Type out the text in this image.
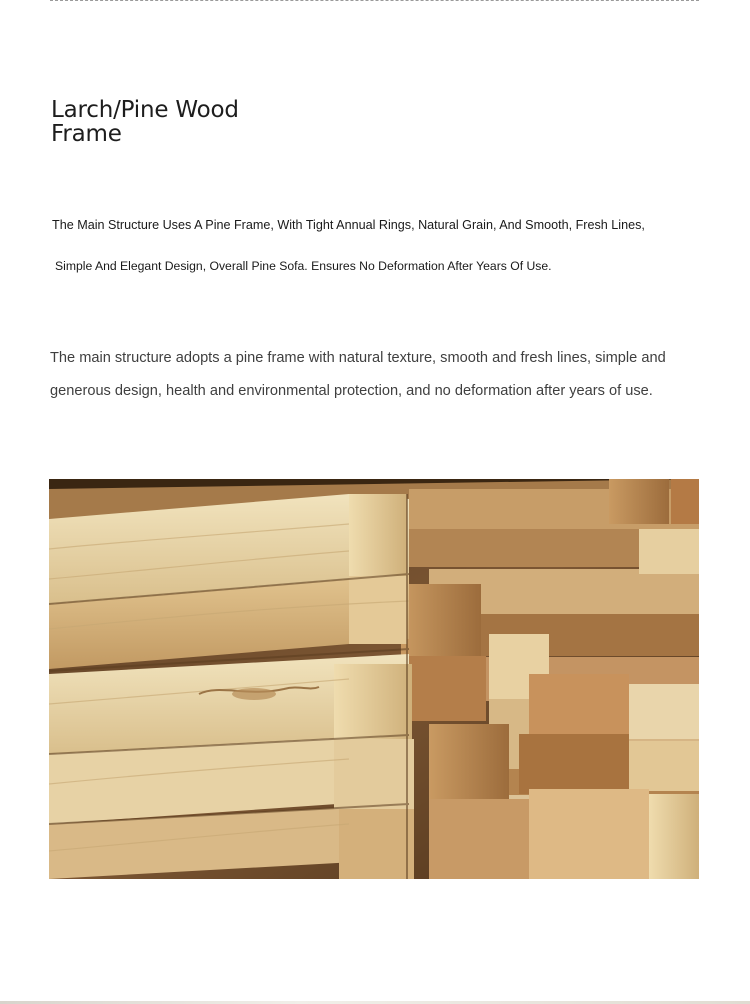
Larch/Pine Wood Frame

The Main Structure Uses A Pine Frame, With Tight Annual Rings, Natural Grain, And Smooth, Fresh Lines,

Simple And Elegant Design, Overall Pine Sofa. Ensures No Deformation After Years Of Use.

The main structure adopts a pine frame with natural texture, smooth and fresh lines, simple and generous design, health and environmental protection, and no deformation after years of use.
